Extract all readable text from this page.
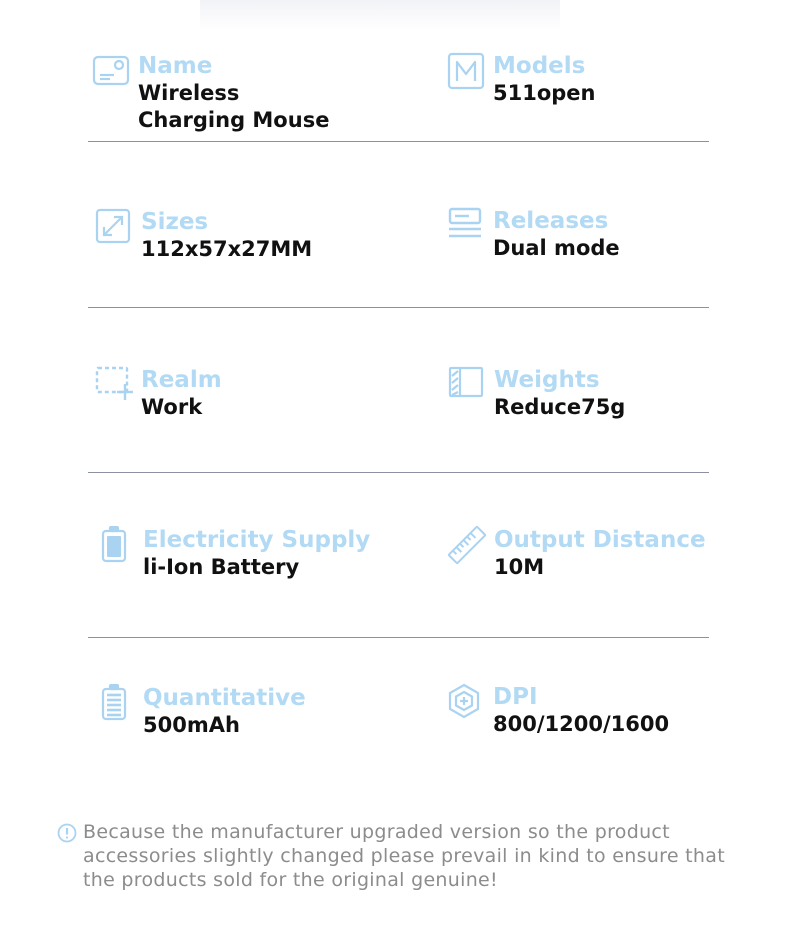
Name
Wireless
Charging Mouse
Models
511open
Sizes
112x57x27MM
Releases
Dual mode
Realm
Work
Weights
Reduce75g
Electricity Supply
li-Ion Battery
Output Distance
10M
Quantitative
500mAh
DPI
800/1200/1600
Because the manufacturer upgraded version so the product accessories slightly changed please prevail in kind to ensure that the products sold for the original genuine!
